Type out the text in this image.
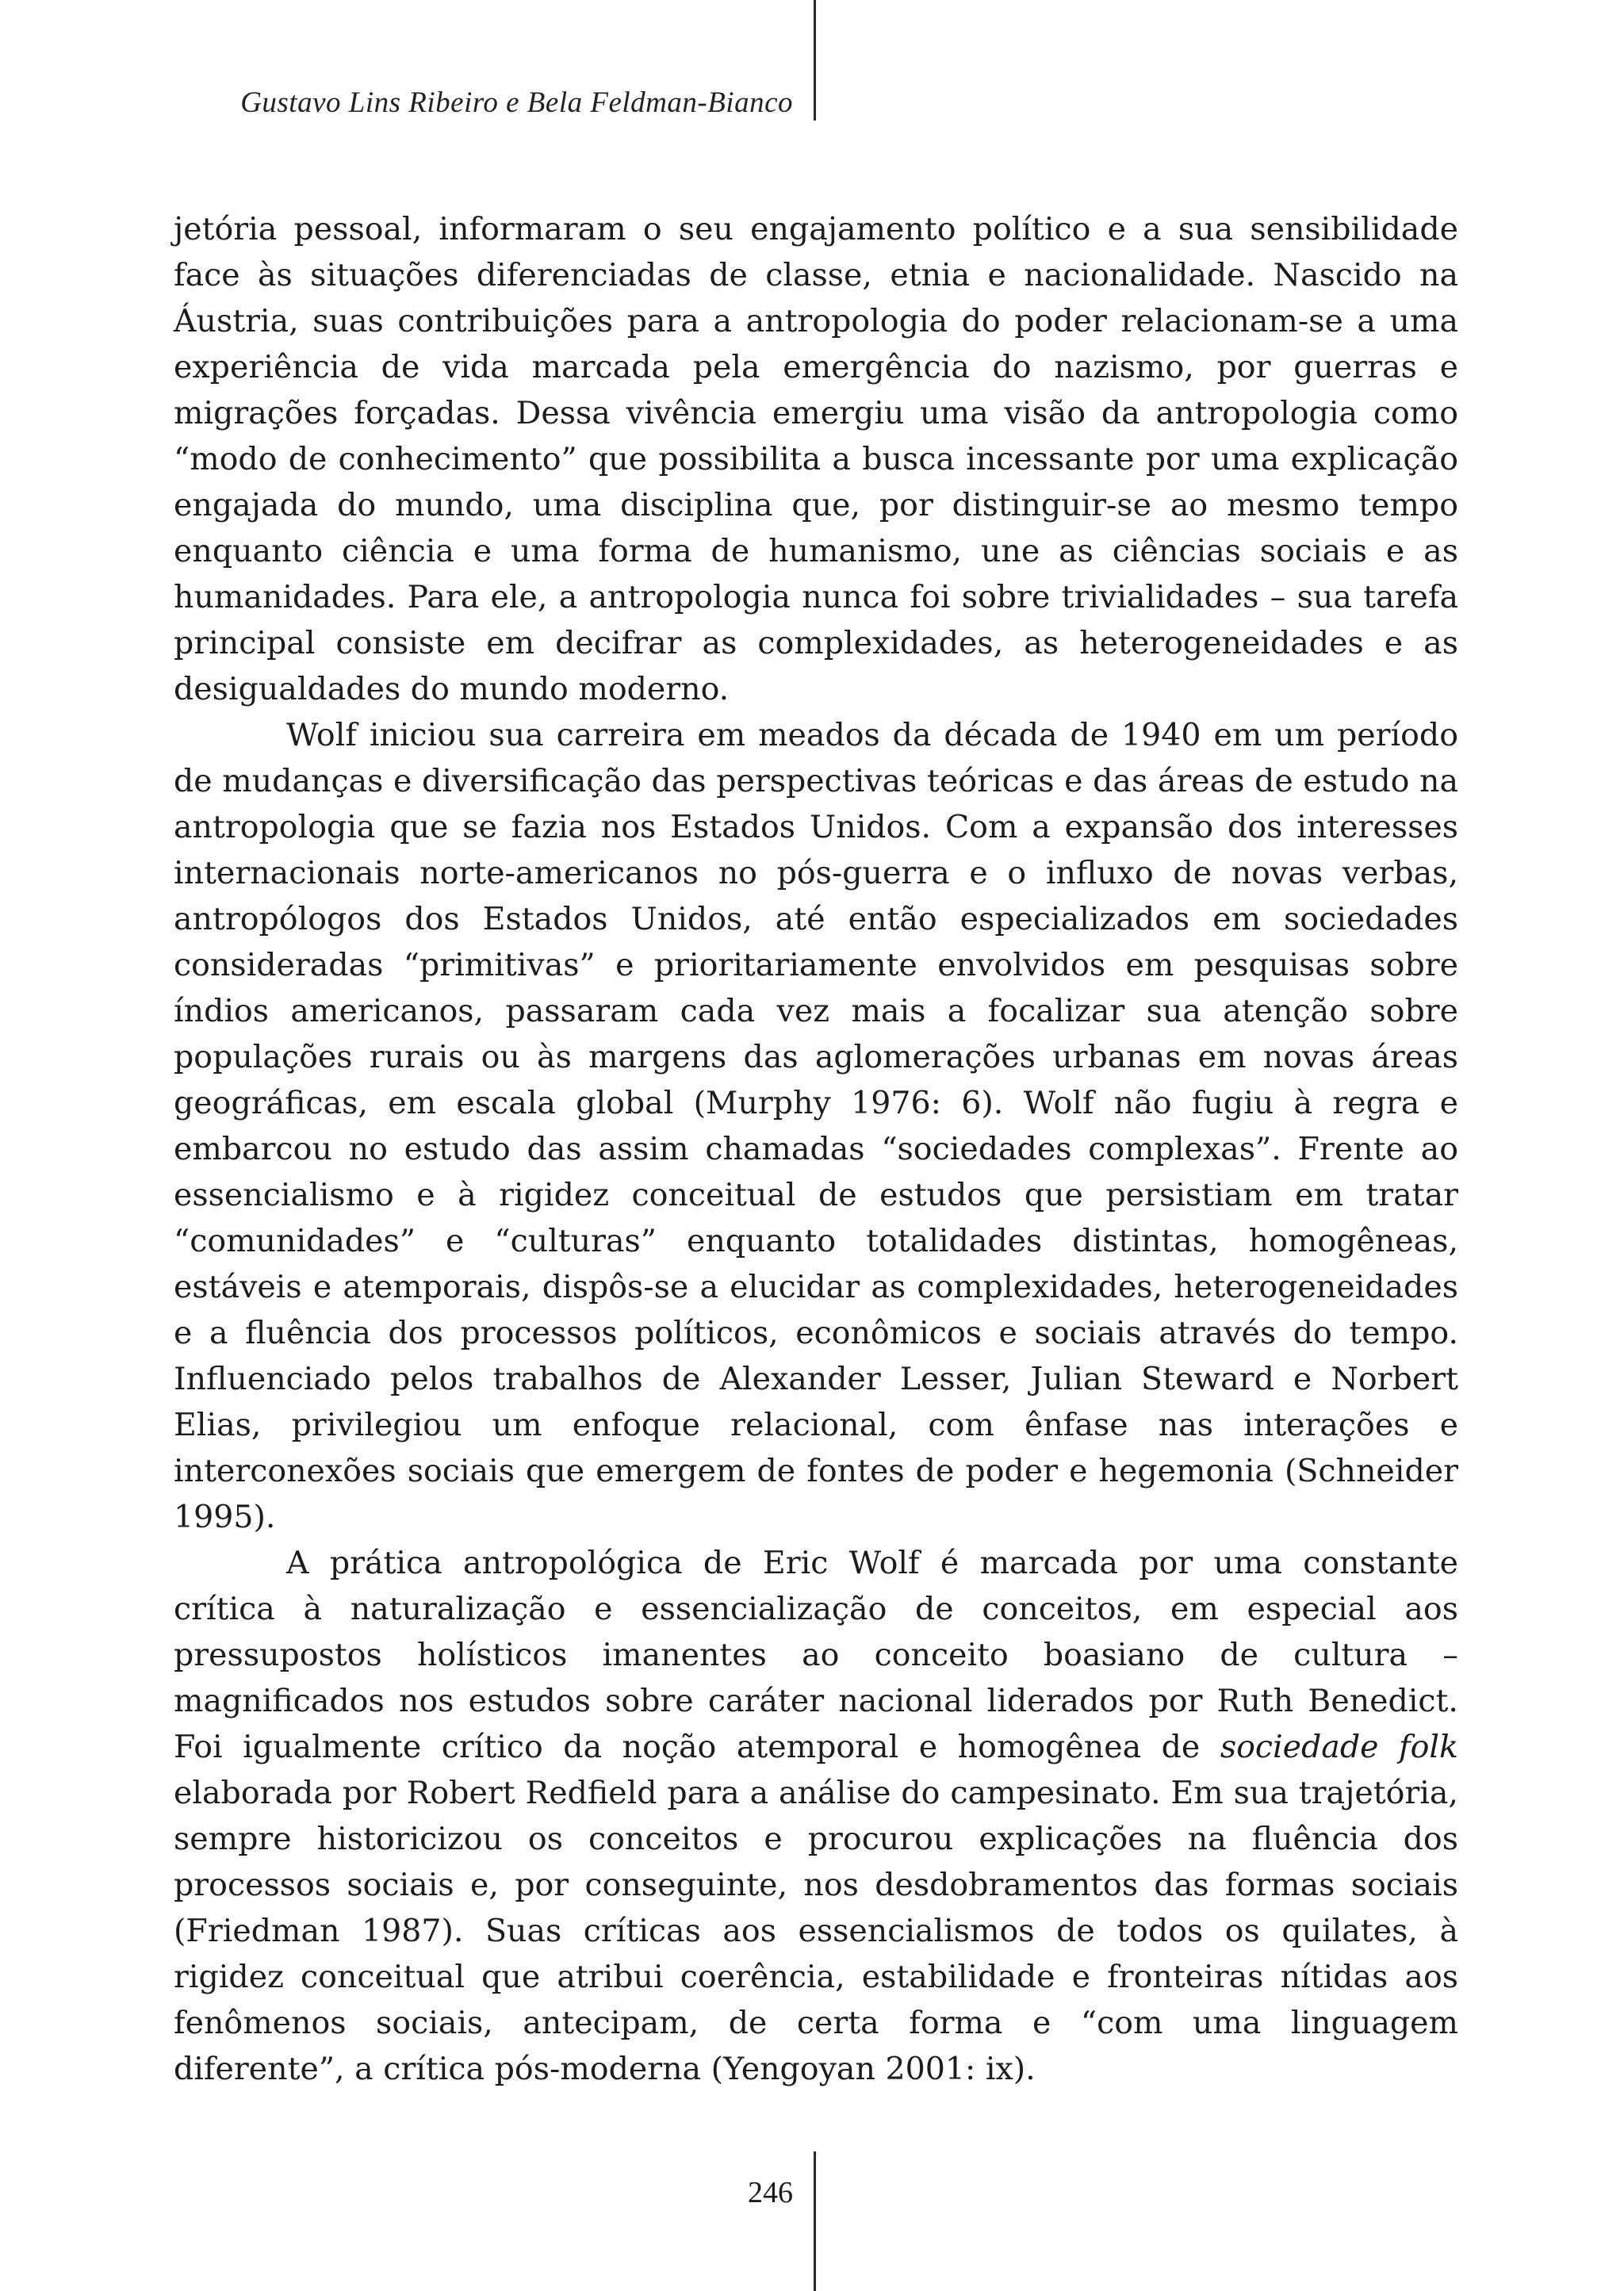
Gustavo Lins Ribeiro e Bela Feldman-Bianco

jetória pessoal, informaram o seu engajamento político e a sua sensibilidade face às situações diferenciadas de classe, etnia e nacionalidade. Nascido na Áustria, suas contribuições para a antropologia do poder relacionam-se a uma experiência de vida marcada pela emergência do nazismo, por guerras e migrações forçadas. Dessa vivência emergiu uma visão da antropologia como “modo de conhecimento” que possibilita a busca incessante por uma explicação engajada do mundo, uma disciplina que, por distinguir-se ao mesmo tempo enquanto ciência e uma forma de humanismo, une as ciências sociais e as humanidades. Para ele, a antropologia nunca foi sobre trivialidades – sua tarefa principal consiste em decifrar as complexidades, as heterogeneidades e as desigualdades do mundo moderno.

Wolf iniciou sua carreira em meados da década de 1940 em um período de mudanças e diversificação das perspectivas teóricas e das áreas de estudo na antropologia que se fazia nos Estados Unidos. Com a expansão dos interesses internacionais norte-americanos no pós-guerra e o influxo de novas verbas, antropólogos dos Estados Unidos, até então especializados em sociedades consideradas “primitivas” e prioritariamente envolvidos em pesquisas sobre índios americanos, passaram cada vez mais a focalizar sua atenção sobre populações rurais ou às margens das aglomerações urbanas em novas áreas geográficas, em escala global (Murphy 1976: 6). Wolf não fugiu à regra e embarcou no estudo das assim chamadas “sociedades complexas”. Frente ao essencialismo e à rigidez conceitual de estudos que persistiam em tratar “comunidades” e “culturas” enquanto totalidades distintas, homogêneas, estáveis e atemporais, dispôs-se a elucidar as complexidades, heterogeneidades e a fluência dos processos políticos, econômicos e sociais através do tempo. Influenciado pelos trabalhos de Alexander Lesser, Julian Steward e Norbert Elias, privilegiou um enfoque relacional, com ênfase nas interações e interconexões sociais que emergem de fontes de poder e hegemonia (Schneider 1995).

A prática antropológica de Eric Wolf é marcada por uma constante crítica à naturalização e essencialização de conceitos, em especial aos pressupostos holísticos imanentes ao conceito boasiano de cultura – magnificados nos estudos sobre caráter nacional liderados por Ruth Benedict. Foi igualmente crítico da noção atemporal e homogênea de sociedade folk elaborada por Robert Redfield para a análise do campesinato. Em sua trajetória, sempre historicizou os conceitos e procurou explicações na fluência dos processos sociais e, por conseguinte, nos desdobramentos das formas sociais (Friedman 1987). Suas críticas aos essencialismos de todos os quilates, à rigidez conceitual que atribui coerência, estabilidade e fronteiras nítidas aos fenômenos sociais, antecipam, de certa forma e “com uma linguagem diferente”, a crítica pós-moderna (Yengoyan 2001: ix).

246
